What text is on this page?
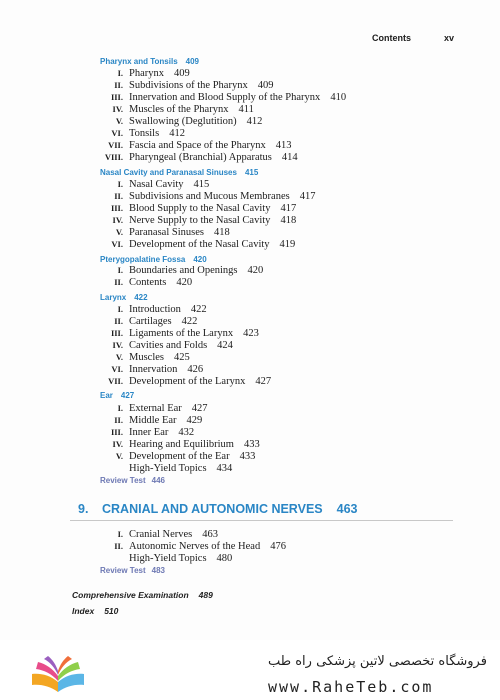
Contents	xv
Pharynx and Tonsils 409
I. Pharynx 409
II. Subdivisions of the Pharynx 409
III. Innervation and Blood Supply of the Pharynx 410
IV. Muscles of the Pharynx 411
V. Swallowing (Deglutition) 412
VI. Tonsils 412
VII. Fascia and Space of the Pharynx 413
VIII. Pharyngeal (Branchial) Apparatus 414
Nasal Cavity and Paranasal Sinuses 415
I. Nasal Cavity 415
II. Subdivisions and Mucous Membranes 417
III. Blood Supply to the Nasal Cavity 417
IV. Nerve Supply to the Nasal Cavity 418
V. Paranasal Sinuses 418
VI. Development of the Nasal Cavity 419
Pterygopalatine Fossa 420
I. Boundaries and Openings 420
II. Contents 420
Larynx 422
I. Introduction 422
II. Cartilages 422
III. Ligaments of the Larynx 423
IV. Cavities and Folds 424
V. Muscles 425
VI. Innervation 426
VII. Development of the Larynx 427
Ear 427
I. External Ear 427
II. Middle Ear 429
III. Inner Ear 432
IV. Hearing and Equilibrium 433
V. Development of the Ear 433
High-Yield Topics 434
Review Test 446
9. CRANIAL AND AUTONOMIC NERVES 463
I. Cranial Nerves 463
II. Autonomic Nerves of the Head 476
High-Yield Topics 480
Review Test 483
Comprehensive Examination 489
Index 510
فروشگاه تخصصی لاتین پزشکی راه طب
www.RaheTeb.com
